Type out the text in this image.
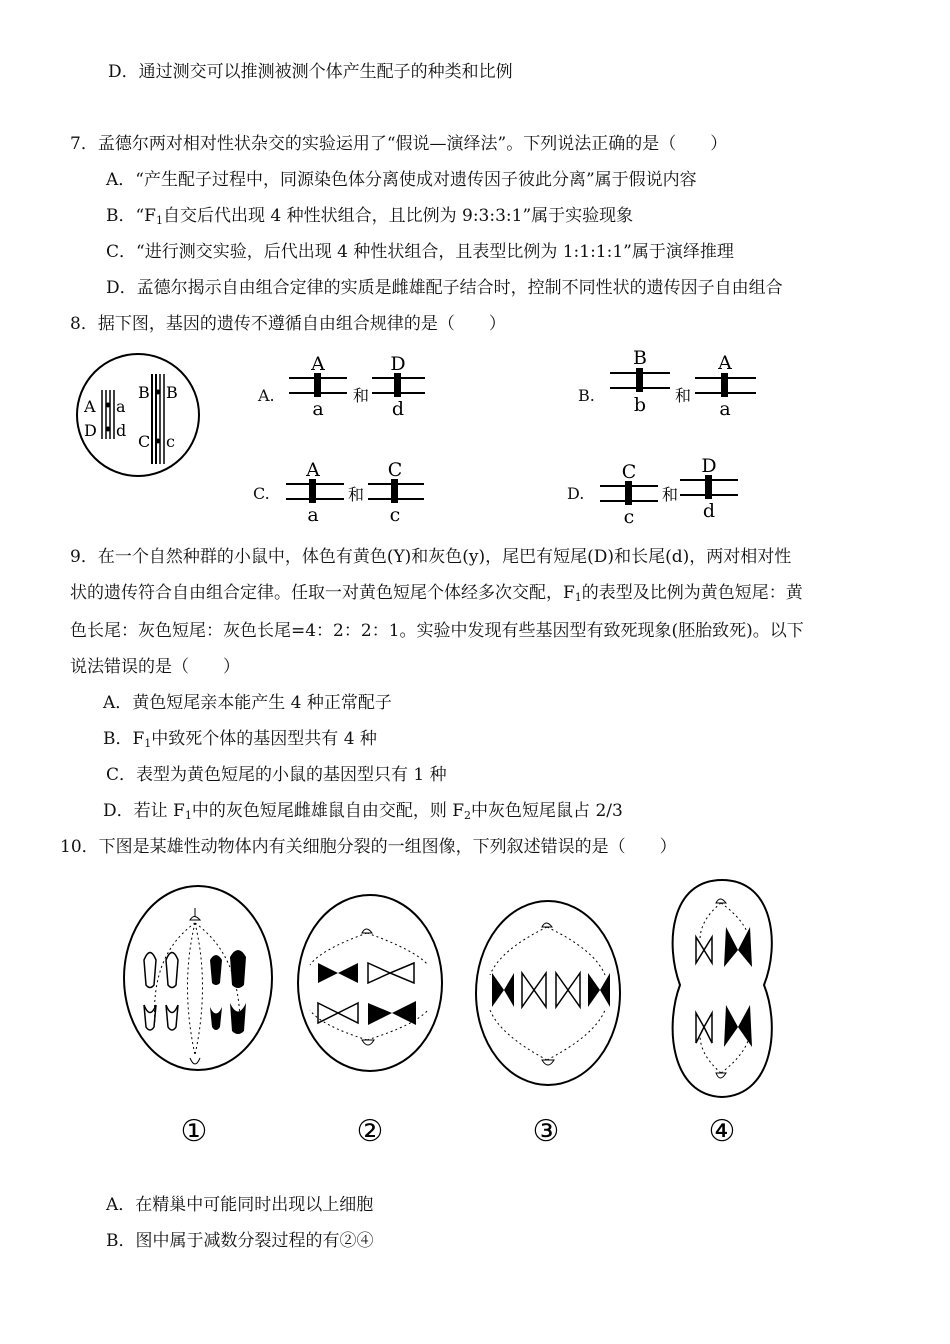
D．通过测交可以推测被测个体产生配子的种类和比例
7．孟德尔两对相对性状杂交的实验运用了“假说—演绎法”。下列说法正确的是（　　）
A．“产生配子过程中，同源染色体分离使成对遗传因子彼此分离”属于假说内容
B．“$F_1$自交后代出现 4 种性状组合，且比例为 9:3:3:1”属于实验现象
C．“进行测交实验，后代出现 4 种性状组合，且表型比例为 1:1:1:1”属于演绎推理
D．孟德尔揭示自由组合定律的实质是雌雄配子结合时，控制不同性状的遗传因子自由组合
8．据下图，基因的遗传不遵循自由组合规律的是（　　）
A a
D d
B B
C c
A.
A
a
和
D
d
B.
B
b 和
A
a
C.
A
a
和
C
c
D.
C
c
和
D
d
9．在一个自然种群的小鼠中，体色有黄色(Y)和灰色(y)，尾巴有短尾(D)和长尾(d)，两对相对性
状的遗传符合自由组合定律。任取一对黄色短尾个体经多次交配，$F_1$的表型及比例为黄色短尾：黄
色长尾：灰色短尾：灰色长尾=4：2：2：1。实验中发现有些基因型有致死现象(胚胎致死)。以下
说法错误的是（　　）
A．黄色短尾亲本能产生 4 种正常配子
B．$F_1$中致死个体的基因型共有 4 种
C．表型为黄色短尾的小鼠的基因型只有 1 种
D．若让 $F_1$中的灰色短尾雌雄鼠自由交配，则 $F_2$中灰色短尾鼠占 2/3
10．下图是某雄性动物体内有关细胞分裂的一组图像，下列叙述错误的是（　　）
①	②	③	④
A．在精巢中可能同时出现以上细胞
B．图中属于减数分裂过程的有②④
